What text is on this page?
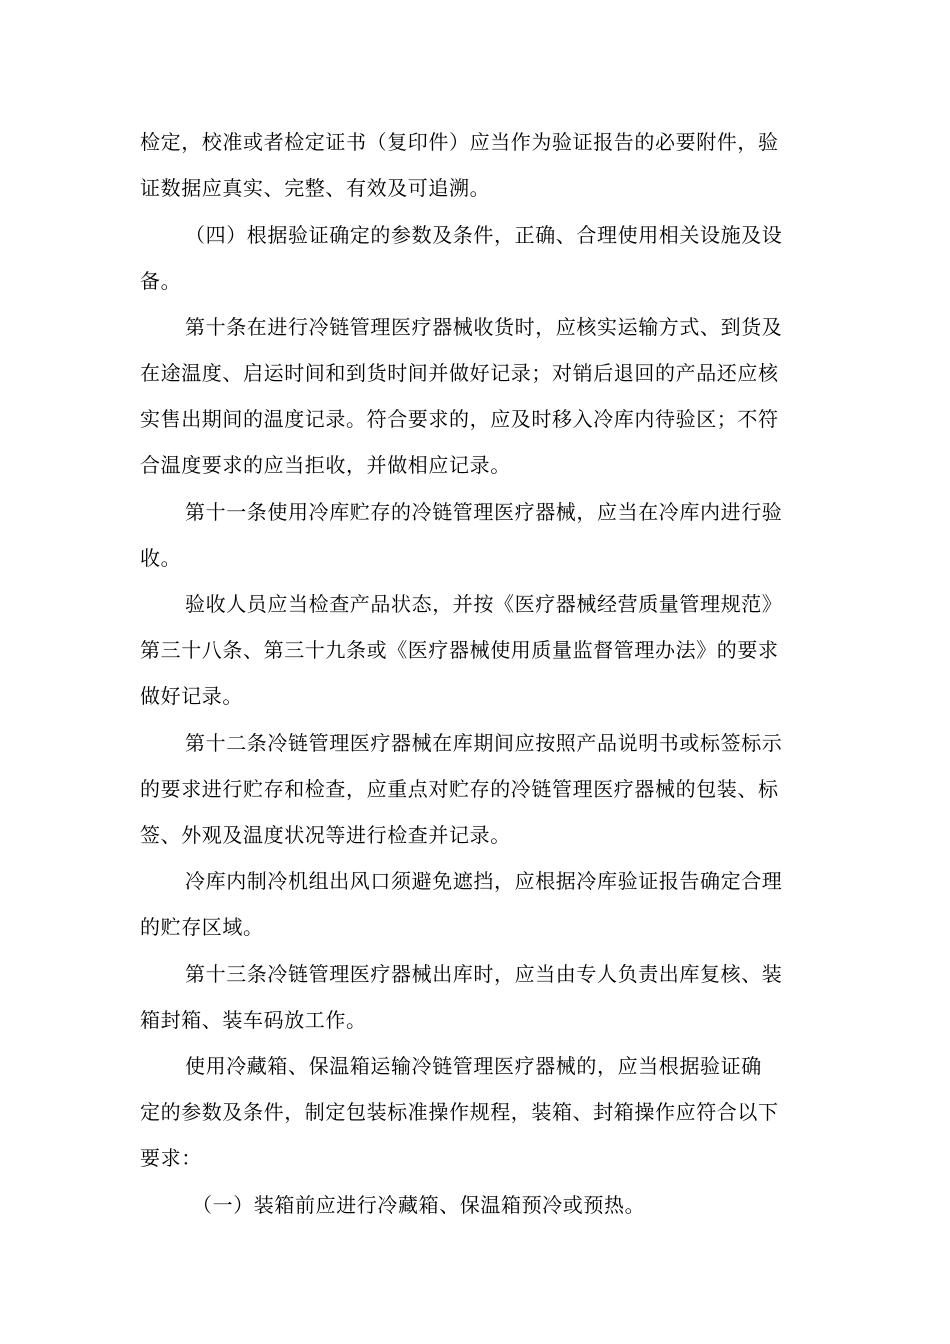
检定，校准或者检定证书（复印件）应当作为验证报告的必要附件，验
证数据应真实、完整、有效及可追溯。
（四）根据验证确定的参数及条件，正确、合理使用相关设施及设
备。
第十条在进行冷链管理医疗器械收货时，应核实运输方式、到货及
在途温度、启运时间和到货时间并做好记录；对销后退回的产品还应核
实售出期间的温度记录。符合要求的，应及时移入冷库内待验区；不符
合温度要求的应当拒收，并做相应记录。
第十一条使用冷库贮存的冷链管理医疗器械，应当在冷库内进行验
收。
验收人员应当检查产品状态，并按《医疗器械经营质量管理规范》
第三十八条、第三十九条或《医疗器械使用质量监督管理办法》的要求
做好记录。
第十二条冷链管理医疗器械在库期间应按照产品说明书或标签标示
的要求进行贮存和检查，应重点对贮存的冷链管理医疗器械的包装、标
签、外观及温度状况等进行检查并记录。
冷库内制冷机组出风口须避免遮挡，应根据冷库验证报告确定合理
的贮存区域。
第十三条冷链管理医疗器械出库时，应当由专人负责出库复核、装
箱封箱、装车码放工作。
使用冷藏箱、保温箱运输冷链管理医疗器械的，应当根据验证确
定的参数及条件，制定包装标准操作规程，装箱、封箱操作应符合以下
要求：
（一）装箱前应进行冷藏箱、保温箱预冷或预热。
